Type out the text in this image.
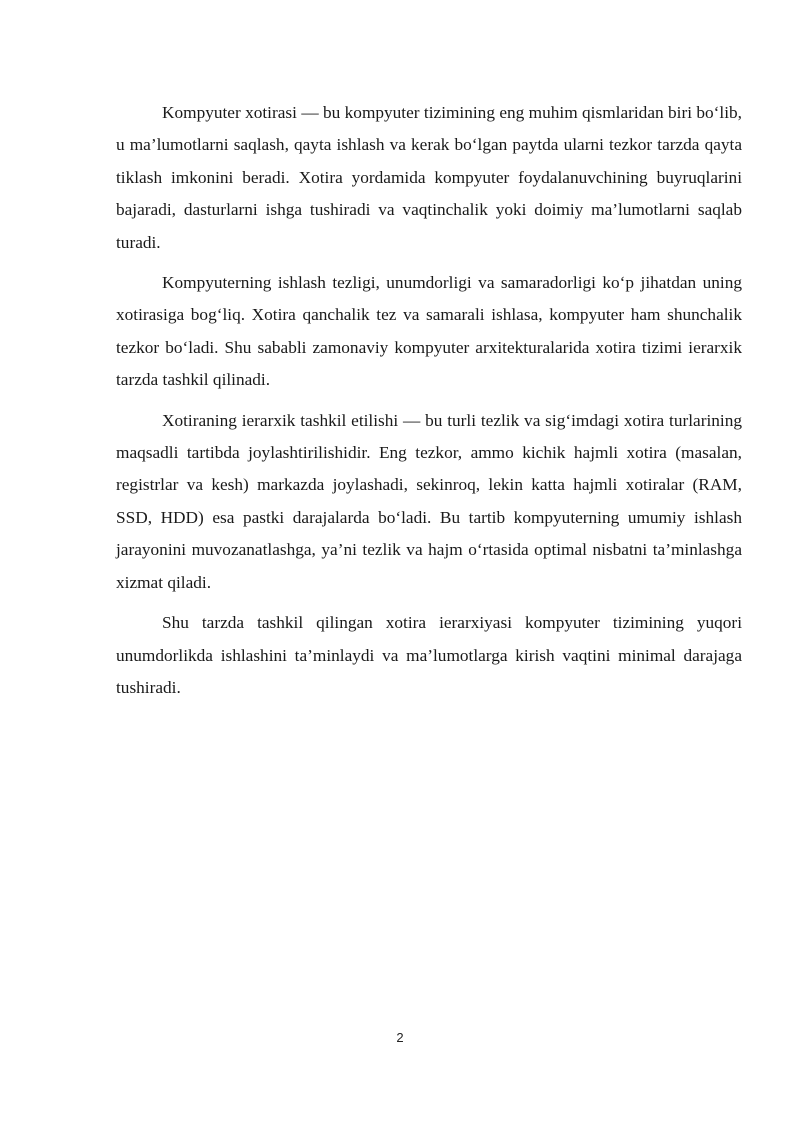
Kompyuter xotirasi — bu kompyuter tizimining eng muhim qismlaridan biri bo‘lib, u ma’lumotlarni saqlash, qayta ishlash va kerak bo‘lgan paytda ularni tezkor tarzda qayta tiklash imkonini beradi. Xotira yordamida kompyuter foydalanuvchining buyruqlarini bajaradi, dasturlarni ishga tushiradi va vaqtinchalik yoki doimiy ma’lumotlarni saqlab turadi.

Kompyuterning ishlash tezligi, unumdorligi va samaradorligi ko‘p jihatdan uning xotirasiga bog‘liq. Xotira qanchalik tez va samarali ishlasa, kompyuter ham shunchalik tezkor bo‘ladi. Shu sababli zamonaviy kompyuter arxitekturalarida xotira tizimi ierarxik tarzda tashkil qilinadi.

Xotiraning ierarxik tashkil etilishi — bu turli tezlik va sig‘imdagi xotira turlarining maqsadli tartibda joylashtirilishidir. Eng tezkor, ammo kichik hajmli xotira (masalan, registrlar va kesh) markazda joylashadi, sekinroq, lekin katta hajmli xotiralar (RAM, SSD, HDD) esa pastki darajalarda bo‘ladi. Bu tartib kompyuterning umumiy ishlash jarayonini muvozanatlashga, ya’ni tezlik va hajm o‘rtasida optimal nisbatni ta’minlashga xizmat qiladi.

Shu tarzda tashkil qilingan xotira ierarxiyasi kompyuter tizimining yuqori unumdorlikda ishlashini ta’minlaydi va ma’lumotlarga kirish vaqtini minimal darajaga tushiradi.

2
